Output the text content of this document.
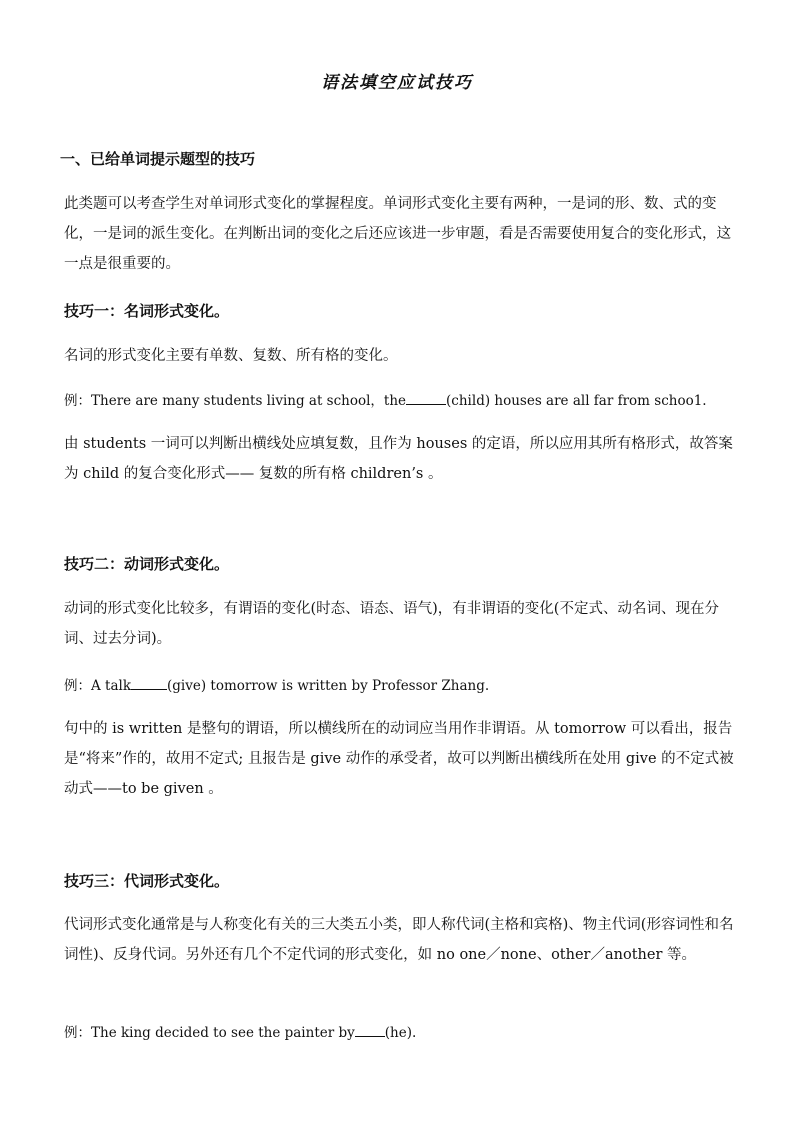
语法填空应试技巧

一、已给单词提示题型的技巧

此类题可以考查学生对单词形式变化的掌握程度。单词形式变化主要有两种，一是词的形、数、式的变化，一是词的派生变化。在判断出词的变化之后还应该进一步审题，看是否需要使用复合的变化形式，这一点是很重要的。

技巧一：名词形式变化。

名词的形式变化主要有单数、复数、所有格的变化。

例：There are many students living at school，the	(child) houses are all far from schoo1.

由 students 一词可以判断出横线处应填复数，且作为 houses 的定语，所以应用其所有格形式，故答案为 child 的复合变化形式—— 复数的所有格 children’s 。

技巧二：动词形式变化。

动词的形式变化比较多，有谓语的变化(时态、语态、语气)，有非谓语的变化(不定式、动名词、现在分词、过去分词)。

例：A talk	(give) tomorrow is written by Professor Zhang.

句中的 is written 是整句的谓语，所以横线所在的动词应当用作非谓语。从 tomorrow 可以看出，报告是“将来”作的，故用不定式; 且报告是 give 动作的承受者，故可以判断出横线所在处用 give 的不定式被动式——to be given 。

技巧三：代词形式变化。

代词形式变化通常是与人称变化有关的三大类五小类，即人称代词(主格和宾格)、物主代词(形容词性和名词性)、反身代词。另外还有几个不定代词的形式变化，如 no one／none、other／another 等。

例：The king decided to see the painter by (he).
